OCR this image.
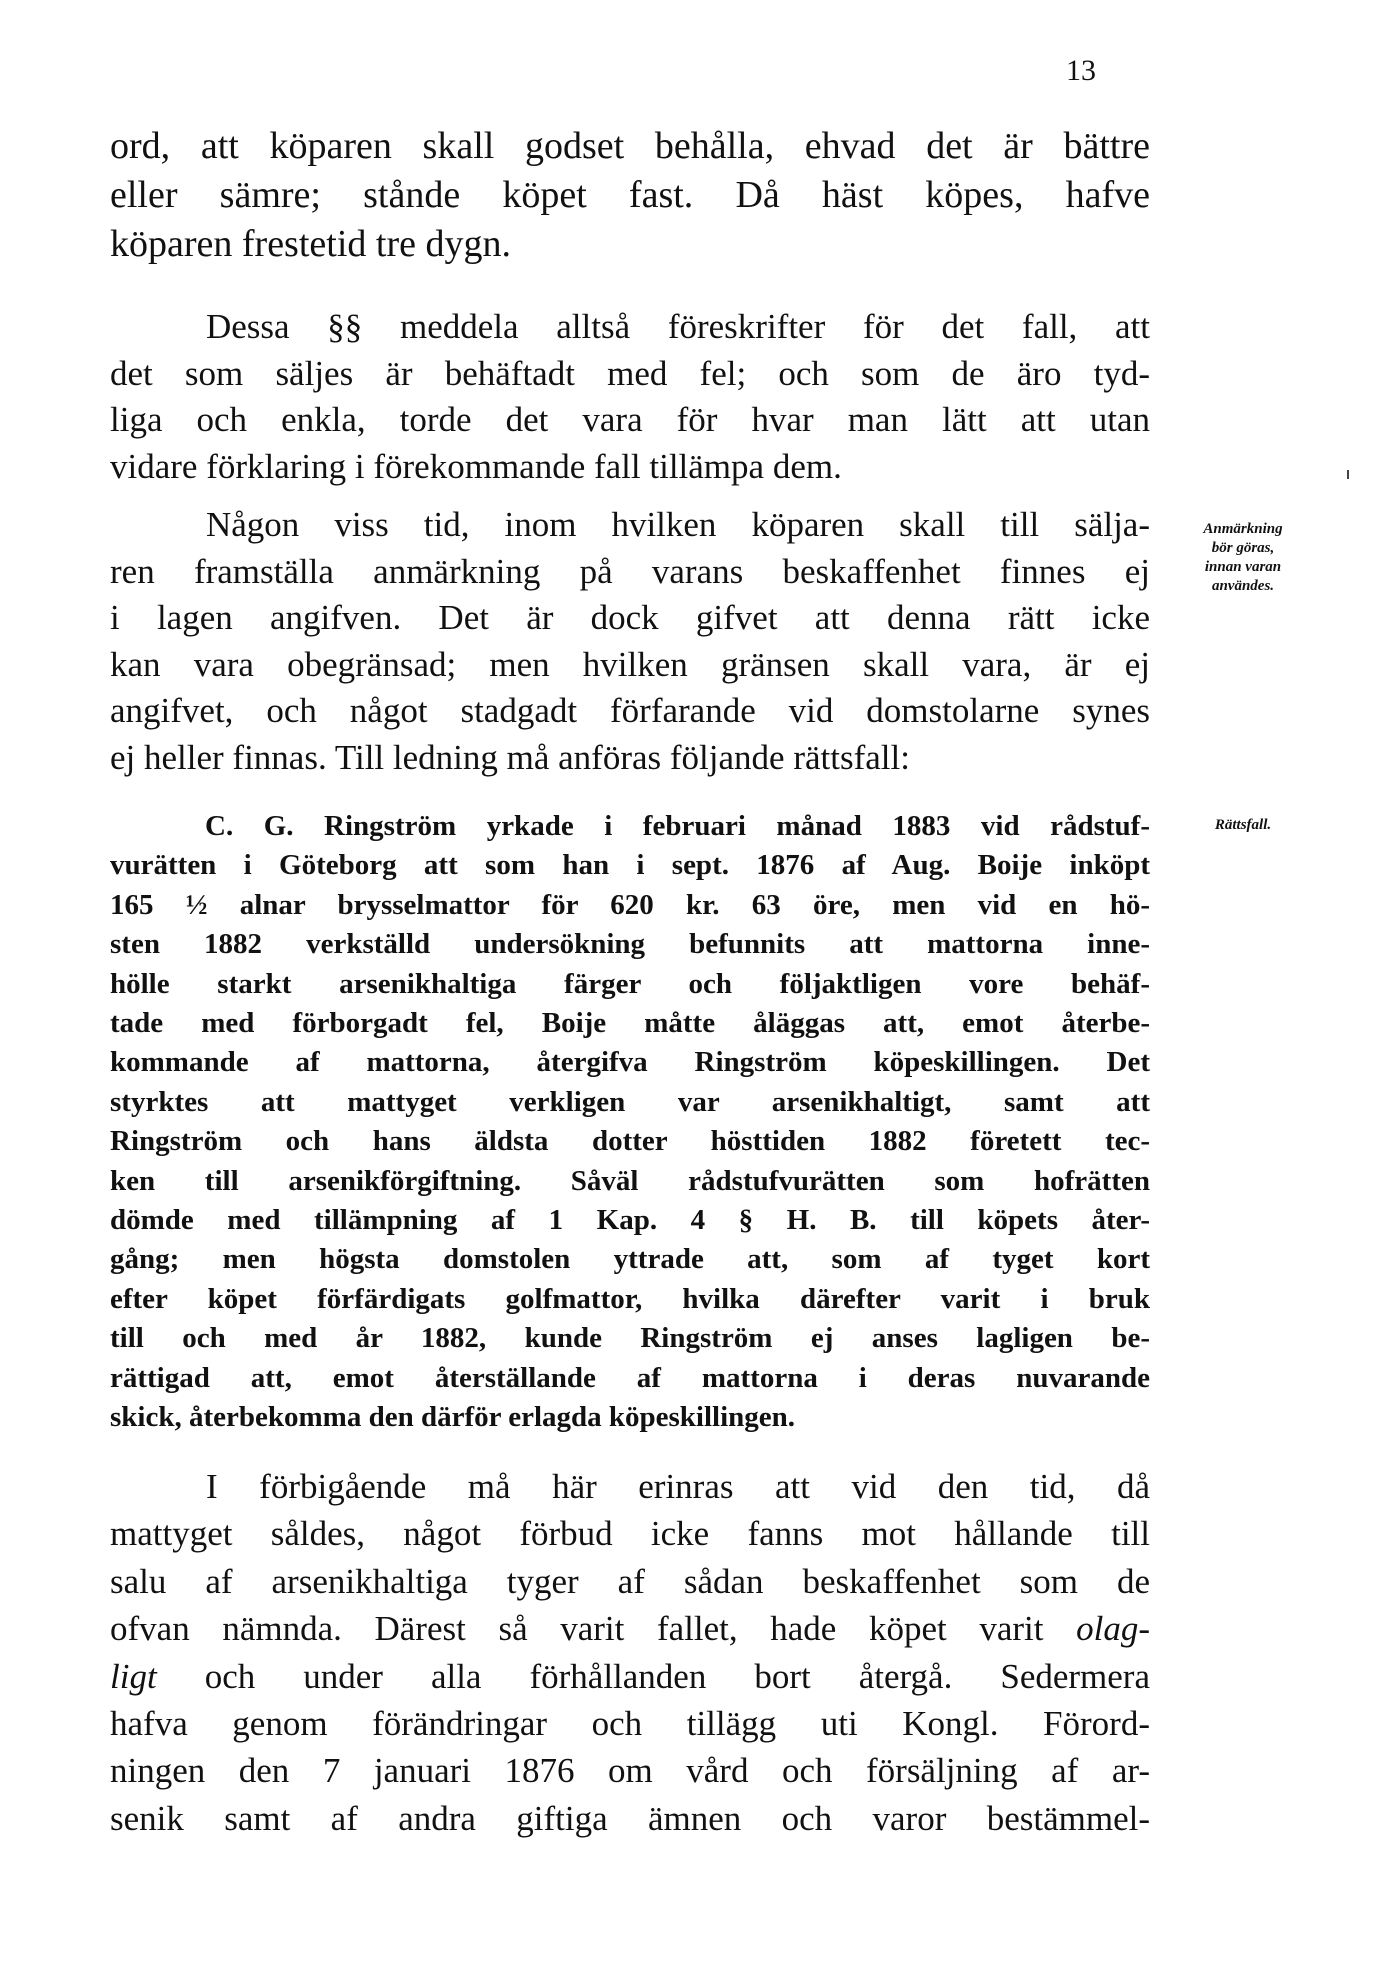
13
ord, att köparen skall godset behålla, ehvad det är bättre
eller sämre; stånde köpet fast. Då häst köpes, hafve
köparen frestetid tre dygn.
Dessa §§ meddela alltså föreskrifter för det fall, att
det som säljes är behäftadt med fel; och som de äro tyd-
liga och enkla, torde det vara för hvar man lätt att utan
vidare förklaring i förekommande fall tillämpa dem.
Någon viss tid, inom hvilken köparen skall till sälja-
ren framställa anmärkning på varans beskaffenhet finnes ej
i lagen angifven. Det är dock gifvet att denna rätt icke
kan vara obegränsad; men hvilken gränsen skall vara, är ej
angifvet, och något stadgadt förfarande vid domstolarne synes
ej heller finnas. Till ledning må anföras följande rättsfall:
C. G. Ringström yrkade i februari månad 1883 vid rådstuf-
vurätten i Göteborg att som han i sept. 1876 af Aug. Boije inköpt
165 ½ alnar brysselmattor för 620 kr. 63 öre, men vid en hö-
sten 1882 verkställd undersökning befunnits att mattorna inne-
hölle starkt arsenikhaltiga färger och följaktligen vore behäf-
tade med förborgadt fel, Boije måtte åläggas att, emot återbe-
kommande af mattorna, återgifva Ringström köpeskillingen. Det
styrktes att mattyget verkligen var arsenikhaltigt, samt att
Ringström och hans äldsta dotter hösttiden 1882 företett tec-
ken till arsenikförgiftning. Såväl rådstufvurätten som hofrätten
dömde med tillämpning af 1 Kap. 4 § H. B. till köpets åter-
gång; men högsta domstolen yttrade att, som af tyget kort
efter köpet förfärdigats golfmattor, hvilka därefter varit i bruk
till och med år 1882, kunde Ringström ej anses lagligen be-
rättigad att, emot återställande af mattorna i deras nuvarande
skick, återbekomma den därför erlagda köpeskillingen.
I förbigående må här erinras att vid den tid, då
mattyget såldes, något förbud icke fanns mot hållande till
salu af arsenikhaltiga tyger af sådan beskaffenhet som de
ofvan nämnda. Därest så varit fallet, hade köpet varit olag-
ligt och under alla förhållanden bort återgå. Sedermera
hafva genom förändringar och tillägg uti Kongl. Förord-
ningen den 7 januari 1876 om vård och försäljning af ar-
senik samt af andra giftiga ämnen och varor bestämmel-
Anmärkning
bör göras,
innan varan
användes.
Rättsfall.
